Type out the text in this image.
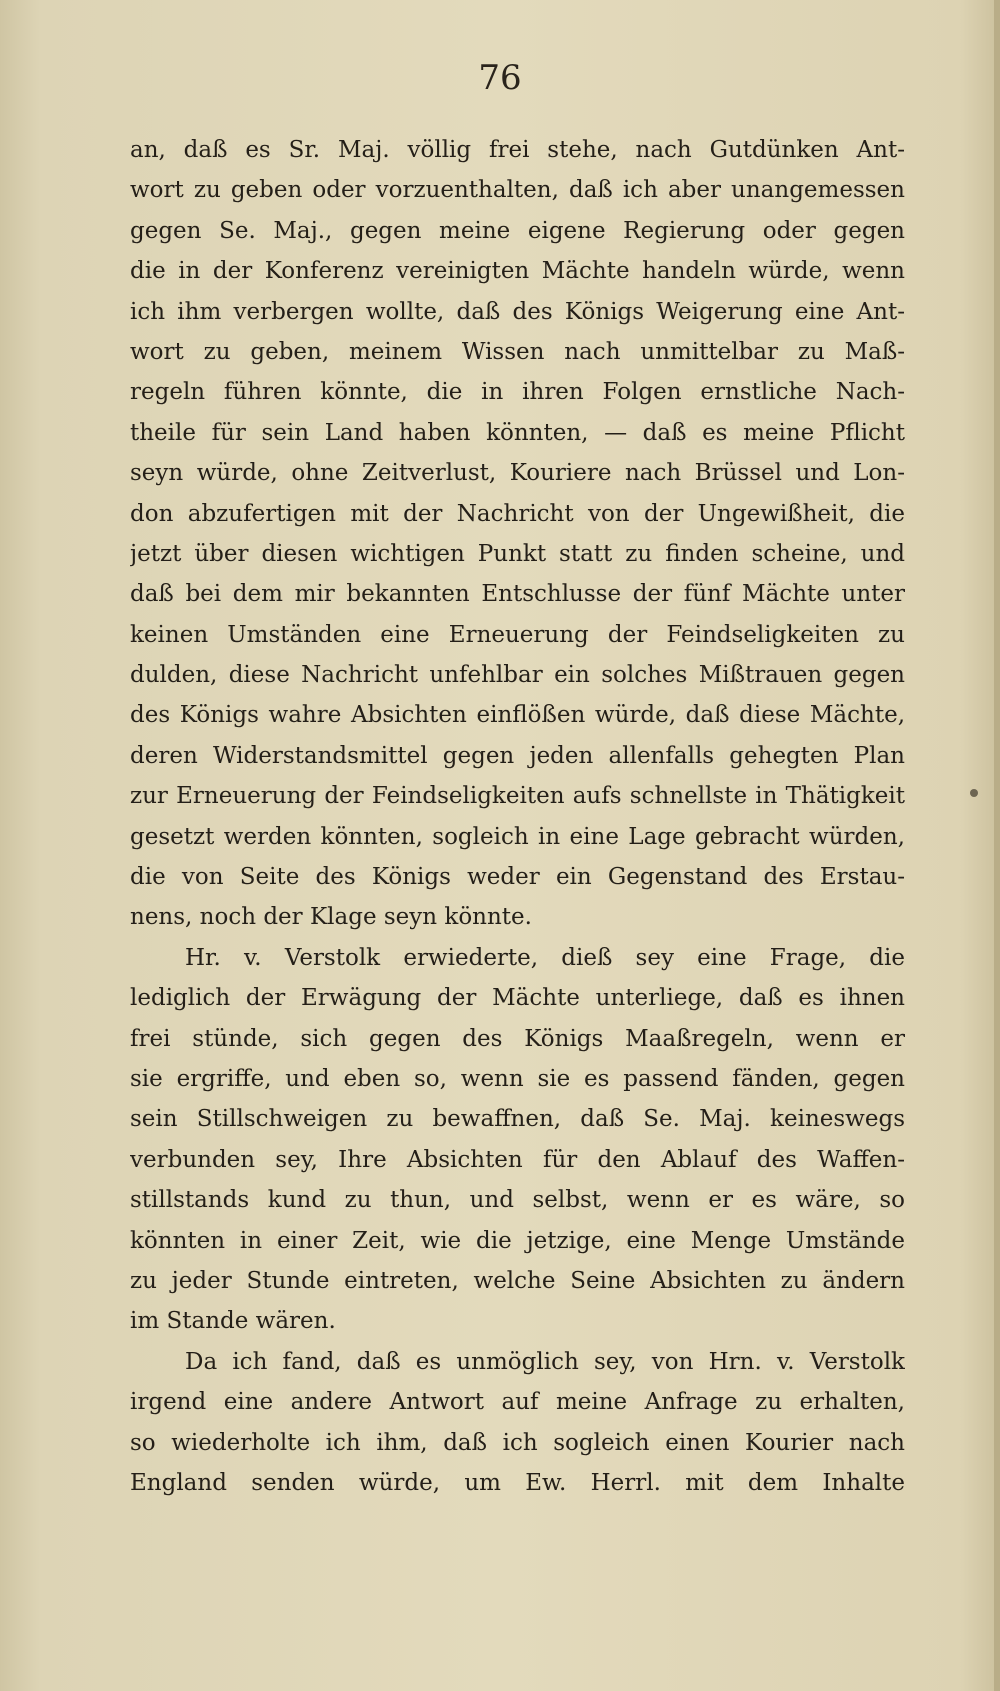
76
an, daß es Sr. Maj. völlig frei stehe, nach Gutdünken Ant-
wort zu geben oder vorzuenthalten, daß ich aber unangemessen
gegen Se. Maj., gegen meine eigene Regierung oder gegen
die in der Konferenz vereinigten Mächte handeln würde, wenn
ich ihm verbergen wollte, daß des Königs Weigerung eine Ant-
wort zu geben, meinem Wissen nach unmittelbar zu Maß-
regeln führen könnte, die in ihren Folgen ernstliche Nach-
theile für sein Land haben könnten, — daß es meine Pflicht
seyn würde, ohne Zeitverlust, Kouriere nach Brüssel und Lon-
don abzufertigen mit der Nachricht von der Ungewißheit, die
jetzt über diesen wichtigen Punkt statt zu finden scheine, und
daß bei dem mir bekannten Entschlusse der fünf Mächte unter
keinen Umständen eine Erneuerung der Feindseligkeiten zu
dulden, diese Nachricht unfehlbar ein solches Mißtrauen gegen
des Königs wahre Absichten einflößen würde, daß diese Mächte,
deren Widerstandsmittel gegen jeden allenfalls gehegten Plan
zur Erneuerung der Feindseligkeiten aufs schnellste in Thätigkeit
gesetzt werden könnten, sogleich in eine Lage gebracht würden,
die von Seite des Königs weder ein Gegenstand des Erstau-
nens, noch der Klage seyn könnte.
Hr. v. Verstolk erwiederte, dieß sey eine Frage, die
lediglich der Erwägung der Mächte unterliege, daß es ihnen
frei stünde, sich gegen des Königs Maaßregeln, wenn er
sie ergriffe, und eben so, wenn sie es passend fänden, gegen
sein Stillschweigen zu bewaffnen, daß Se. Maj. keineswegs
verbunden sey, Ihre Absichten für den Ablauf des Waffen-
stillstands kund zu thun, und selbst, wenn er es wäre, so
könnten in einer Zeit, wie die jetzige, eine Menge Umstände
zu jeder Stunde eintreten, welche Seine Absichten zu ändern
im Stande wären.
Da ich fand, daß es unmöglich sey, von Hrn. v. Verstolk
irgend eine andere Antwort auf meine Anfrage zu erhalten,
so wiederholte ich ihm, daß ich sogleich einen Kourier nach
England senden würde, um Ew. Herrl. mit dem Inhalte
